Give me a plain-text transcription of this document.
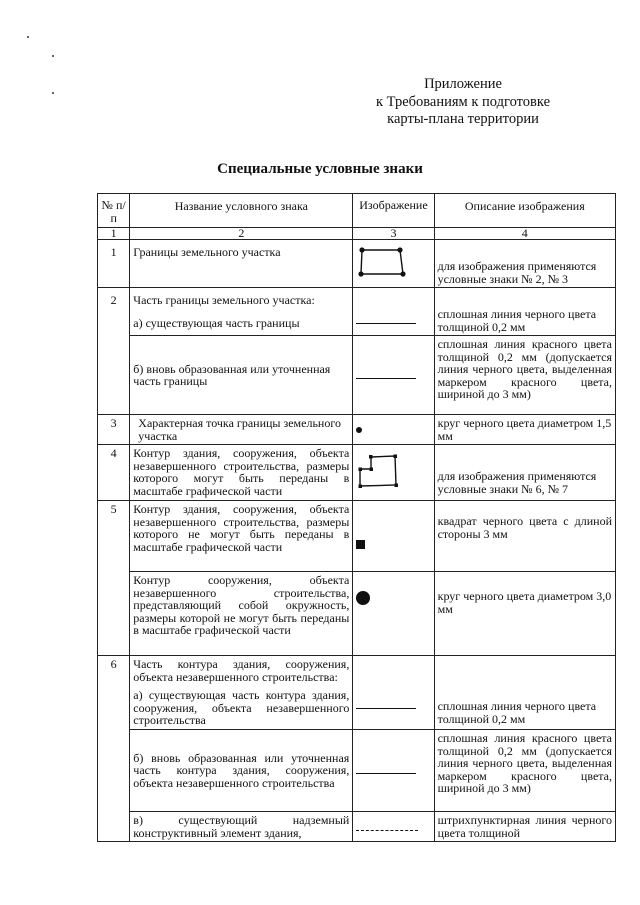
Приложение
к Требованиям к подготовке
карты-плана территории
Специальные условные знаки
№ п/п	Название условного знака	Изображение	Описание изображения
1	2	3	4
1	Границы земельного участка		для изображения применяются условные знаки № 2, № 3
2	Часть границы земельного участка:
а) существующая часть границы		сплошная линия черного цвета толщиной 0,2 мм
	б) вновь образованная или уточненная часть границы		сплошная линия красного цвета толщиной 0,2 мм (допускается линия черного цвета, выделенная маркером красного цвета, шириной до 3 мм)
3	Характерная точка границы земельного участка		круг черного цвета диаметром 1,5 мм
4	Контур здания, сооружения, объекта незавершенного строительства, размеры которого могут быть переданы в масштабе графической части		для изображения применяются условные знаки № 6, № 7
5	Контур здания, сооружения, объекта незавершенного строительства, размеры которого не могут быть переданы в масштабе графической части		квадрат черного цвета с длиной стороны 3 мм
	Контур сооружения, объекта незавершенного строительства, представляющий собой окружность, размеры которой не могут быть переданы в масштабе графической части		круг черного цвета диаметром 3,0 мм
6	Часть контура здания, сооружения, объекта незавершенного строительства:
а) существующая часть контура здания, сооружения, объекта незавершенного строительства		сплошная линия черного цвета толщиной 0,2 мм
	б) вновь образованная или уточненная часть контура здания, сооружения, объекта незавершенного строительства		сплошная линия красного цвета толщиной 0,2 мм (допускается линия черного цвета, выделенная маркером красного цвета, шириной до 3 мм)
	в) существующий надземный конструктивный элемент здания,		штрихпунктирная линия черного цвета толщиной
